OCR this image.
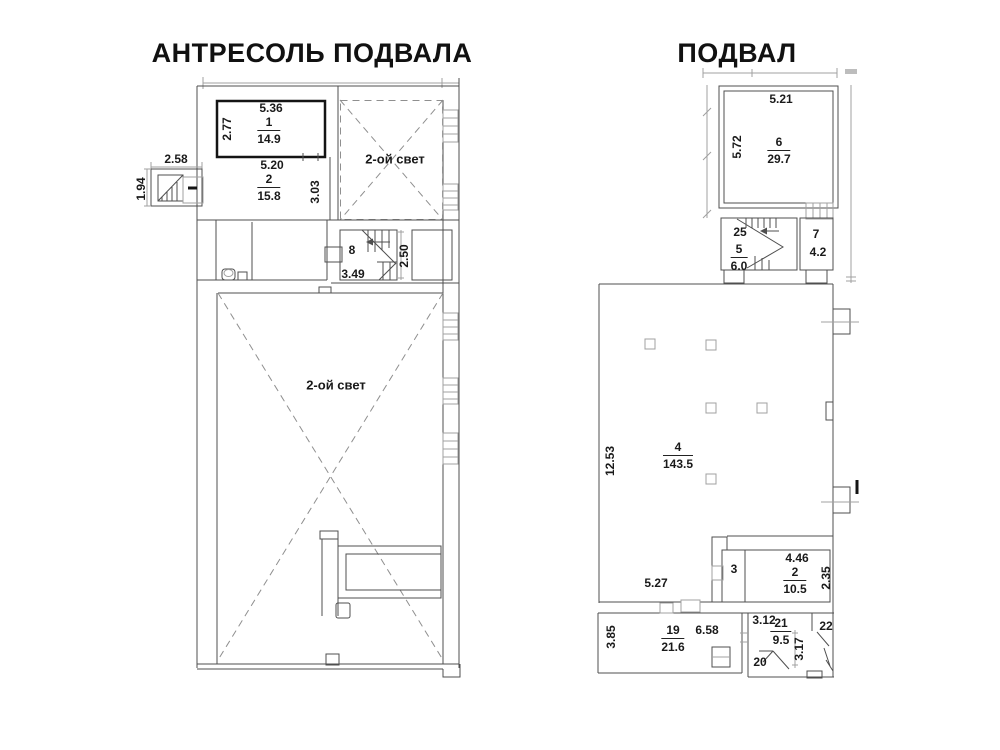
АНТРЕСОЛЬ ПОДВАЛА	ПОДВАЛ
5.36
$2.77 \frac{1}{14.9}$
5.20
$\frac{2}{15.8} 3.03$
2-ой свет
2.58
1.94
8
3.49
2.50
2-ой свет
5.21
$5.72 \frac{6}{29.7}$
25
$\frac{5}{6.0}$
7
4.2
$\frac{4}{143.5}$
12.53
5.27
3
4.46
$\frac{2}{10.5} 2.35$
3.85	$\frac{19}{21.6} 6.58$
3.12
$\frac{21}{9.5}$
3.17
20
22
